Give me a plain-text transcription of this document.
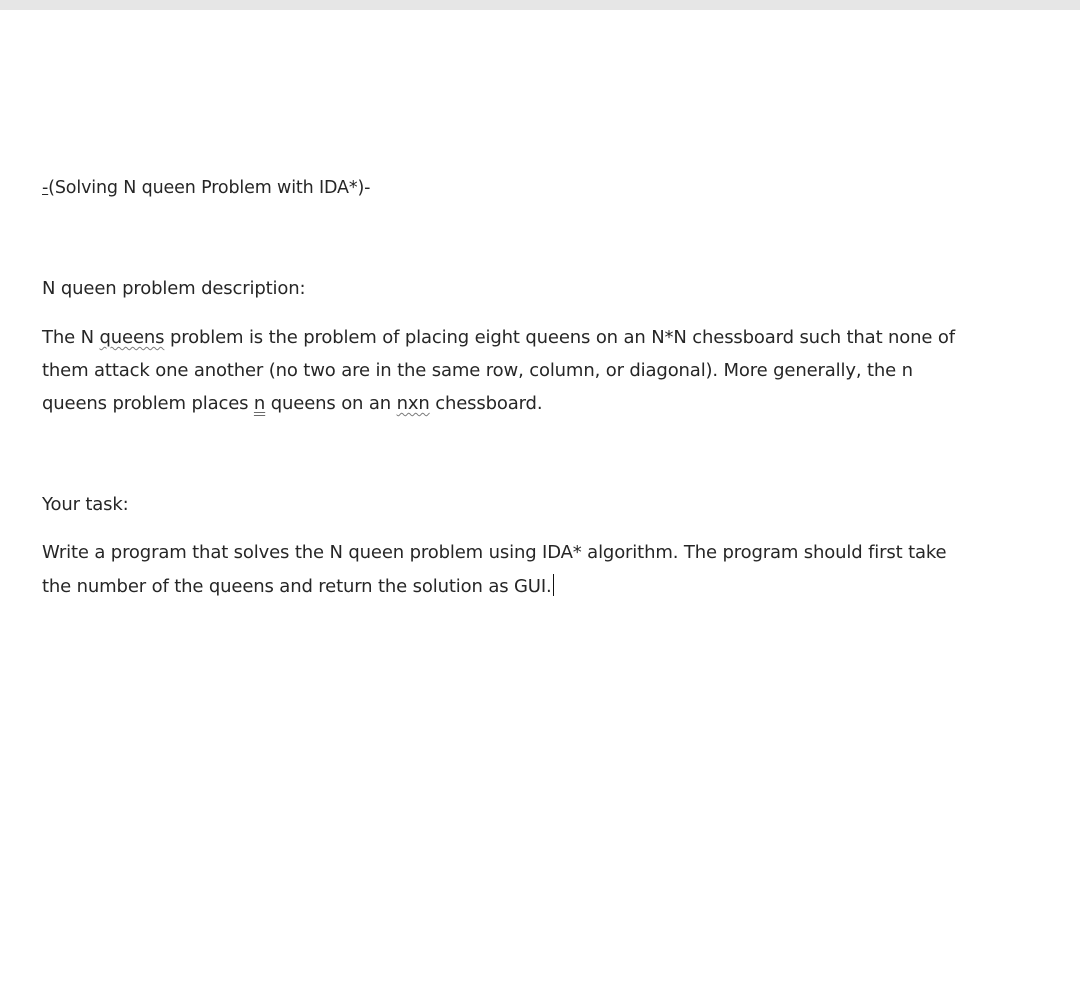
-(Solving N queen Problem with IDA*)-
N queen problem description:
The N queens problem is the problem of placing eight queens on an N*N chessboard such that none of
them attack one another (no two are in the same row, column, or diagonal). More generally, the n
queens problem places n queens on an nxn chessboard.
Your task:
Write a program that solves the N queen problem using IDA* algorithm. The program should first take
the number of the queens and return the solution as GUI.
